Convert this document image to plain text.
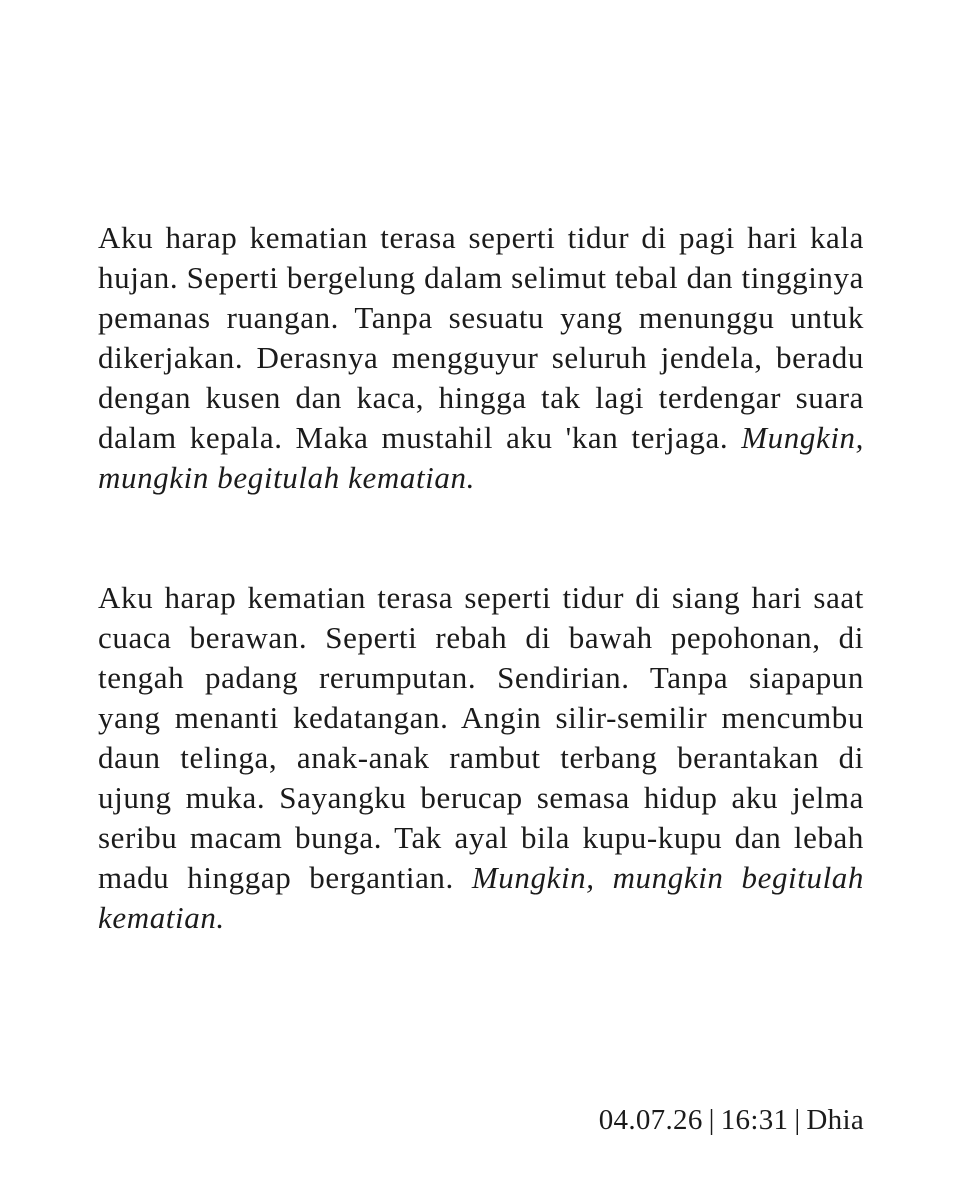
Aku harap kematian terasa seperti tidur di pagi hari kala hujan. Seperti bergelung dalam selimut tebal dan tingginya pemanas ruangan. Tanpa sesuatu yang menunggu untuk dikerjakan. Derasnya mengguyur seluruh jendela, beradu dengan kusen dan kaca, hingga tak lagi terdengar suara dalam kepala. Maka mustahil aku 'kan terjaga. Mungkin, mungkin begitulah kematian.

Aku harap kematian terasa seperti tidur di siang hari saat cuaca berawan. Seperti rebah di bawah pepohonan, di tengah padang rerumputan. Sendirian. Tanpa siapapun yang menanti kedatangan. Angin silir-semilir mencumbu daun telinga, anak-anak rambut terbang berantakan di ujung muka. Sayangku berucap semasa hidup aku jelma seribu macam bunga. Tak ayal bila kupu-kupu dan lebah madu hinggap bergantian. Mungkin, mungkin begitulah kematian.

04.07.26 | 16:31 | Dhia
